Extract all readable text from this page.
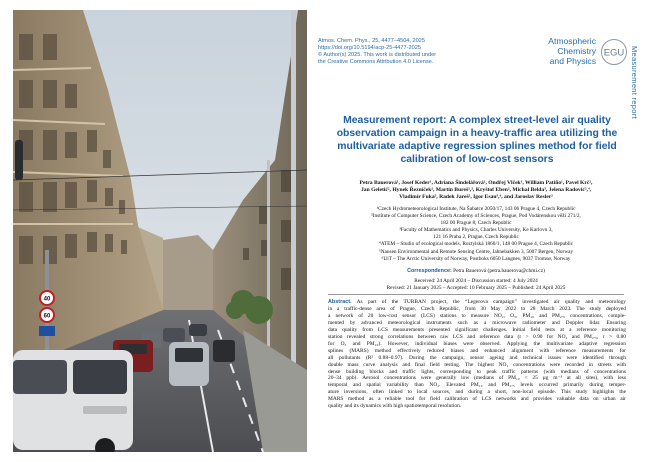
40
60
Atmos. Chem. Phys., 25, 4477–4504, 2025
https://doi.org/10.5194/acp-25-4477-2025
© Author(s) 2025. This work is distributed under
the Creative Commons Attribution 4.0 License.
Atmospheric
Chemistry
and Physics
EGU Measurement report
Measurement report: A complex street-level air quality observation campaign in a heavy-traffic area utilizing the multivariate adaptive regression splines method for field calibration of low-cost sensors
Petra Bauerová¹, Josef Keder¹, Adriana Šindelářová¹, Ondřej Vlček¹, William Patiño¹, Pavel Krč²,
Jan Geletič², Hynek Řezníček², Martin Bureš²,³, Kryštof Eben², Michal Belda³, Jelena Radović²,⁴,
Vladimír Fuka³, Radek Jareš², Igor Esau⁵,⁶, and Jaroslav Resler²
¹Czech Hydrometeorological Institute, Na Šabatce 2050/17, 143 06 Prague 4, Czech Republic
²Institute of Computer Science, Czech Academy of Sciences, Prague, Pod Vodárenskou věží 271/2,
182 00 Prague 8, Czech Republic
³Faculty of Mathematics and Physics, Charles University, Ke Karlovu 3,
121 16 Praha 2, Prague, Czech Republic
⁴ATEM – Studio of ecological models, Roztylská 1860/1, 148 00 Prague 4, Czech Republic
⁵Nansen Environmental and Remote Sensing Centre, Jahnebakken 3, 5007 Bergen, Norway
⁶UiT – The Arctic University of Norway, Postboks 6050 Langnes, 9037 Tromsø, Norway
Correspondence: Petra Bauerová (petra.bauerova@chmi.cz)
Received: 24 April 2024 – Discussion started: 4 July 2024
Revised: 21 January 2025 – Accepted: 10 February 2025 – Published: 24 April 2025
Abstract. As part of the TURBAN project, the “Legerova campaign” investigated air quality and meteorology
in a traffic-dense area of Prague, Czech Republic, from 30 May 2022 to 28 March 2023. The study deployed
a network of 20 low-cost sensor (LCS) stations to measure NO₂, O₃, PM₁₀ and PM₂.₅ concentrations, comple-
mented by advanced meteorological instruments such as a microwave radiometer and Doppler lidar. Ensuring
data quality from LCS measurements presented significant challenges. Initial field tests at a reference monitoring
station revealed strong correlations between raw LCS and reference data (r > 0.90 for NO₂ and PM₂.₅, r > 0.80
for O₃ and PM₁₀). However, individual biases were observed. Applying the multivariate adaptive regression
splines (MARS) method effectively reduced biases and enhanced alignment with reference measurements for
all pollutants (R² 0.88–0.97). During the campaign, sensor ageing and technical issues were identified through
double mass curve analysis and final field testing. The highest NO₂ concentrations were recorded in streets with
dense building blocks and traffic lights, corresponding to peak traffic patterns (with medians of concentrations
20–34 ppb). Aerosol concentrations were generally low (medians of PM₁₀ < 25 µg m⁻³ at all sites), with less
temporal and spatial variability than NO₂. Elevated PM₁₀ and PM₂.₅ levels occurred primarily during temper-
ature inversions, often linked to local sources, and during a short, non-local episode. This study highlights the
MARS method as a reliable tool for field calibration of LCS networks and provides valuable data on urban air
quality and its dynamics with high spatiotemporal resolution.
